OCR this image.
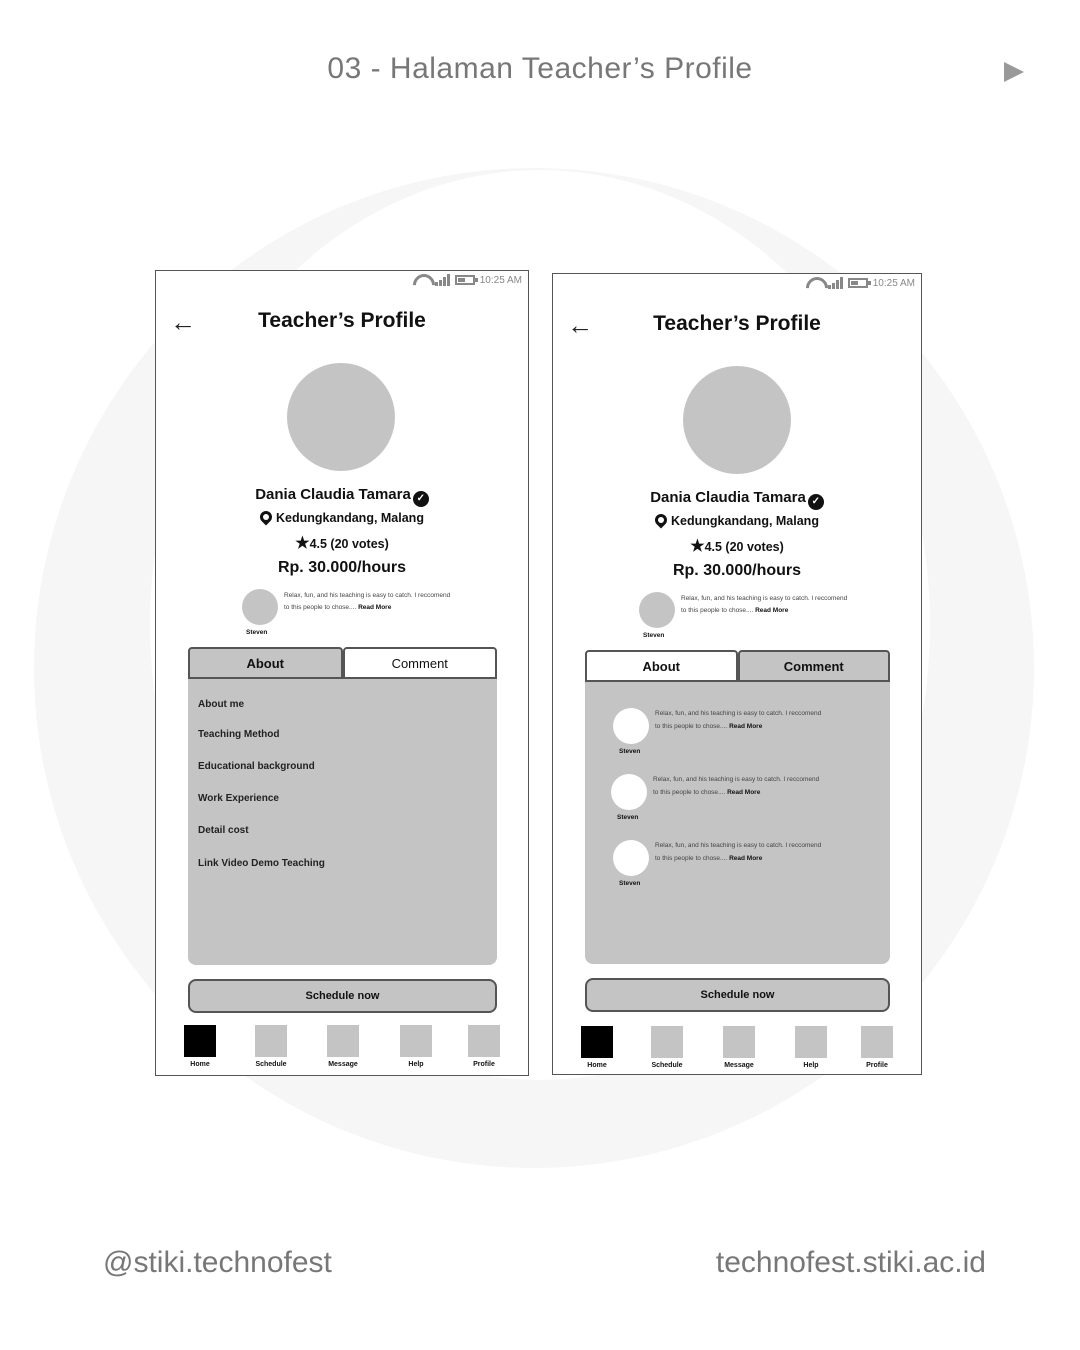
03 - Halaman Teacher’s Profile
10:25 AM
←	Teacher’s Profile
Dania Claudia Tamara ✓
Kedungkandang, Malang
★4.5 (20 votes)
Rp. 30.000/hours
Relax, fun, and his teaching is easy to catch. I reccomend to this people to chose.... Read More
Steven
About	Comment
About me
Teaching Method
Educational background
Work Experience
Detail cost
Link Video Demo Teaching
Schedule now
Home	Schedule	Message	Help	Profile
10:25 AM
←	Teacher’s Profile
Dania Claudia Tamara ✓
Kedungkandang, Malang
★4.5 (20 votes)
Rp. 30.000/hours
Relax, fun, and his teaching is easy to catch. I reccomend to this people to chose.... Read More
Steven
About	Comment
Relax, fun, and his teaching is easy to catch. I reccomend to this people to chose.... Read More
Steven
Relax, fun, and his teaching is easy to catch. I reccomend to this people to chose.... Read More
Steven
Relax, fun, and his teaching is easy to catch. I reccomend to this people to chose.... Read More
Steven
Schedule now
Home	Schedule	Message	Help	Profile
@stiki.technofest	technofest.stiki.ac.id
